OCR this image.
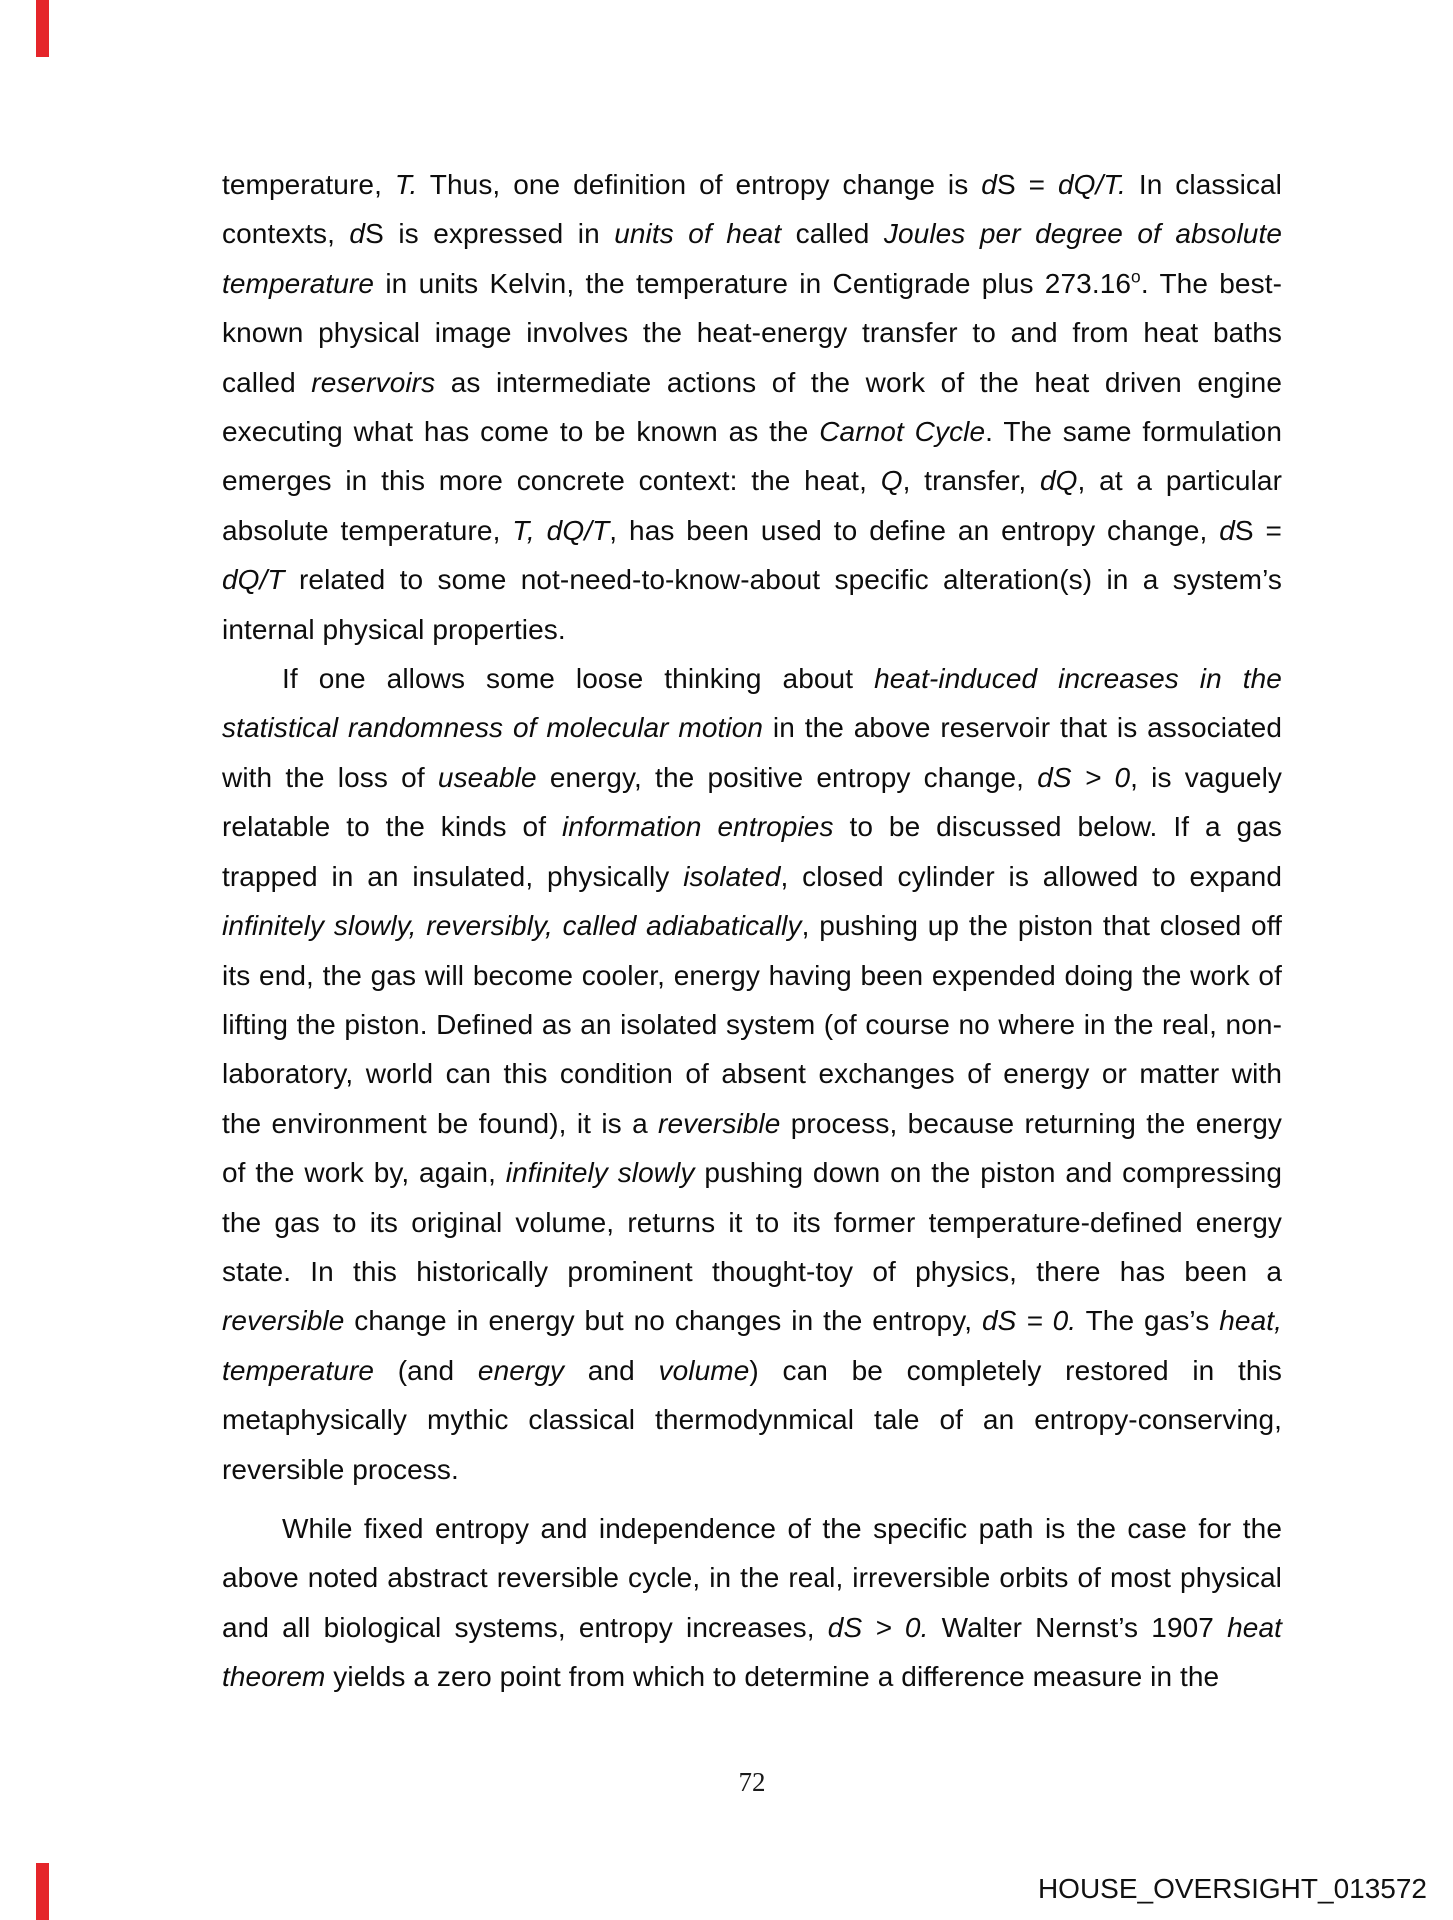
temperature, T. Thus, one definition of entropy change is dS = dQ/T. In classical
contexts, dS is expressed in units of heat called Joules per degree of absolute
temperature in units Kelvin, the temperature in Centigrade plus 273.16$^o$. The best-
known physical image involves the heat-energy transfer to and from heat baths
called reservoirs as intermediate actions of the work of the heat driven engine
executing what has come to be known as the Carnot Cycle. The same formulation
emerges in this more concrete context: the heat, Q, transfer, dQ, at a particular
absolute temperature, T, dQ/T, has been used to define an entropy change, dS =
dQ/T related to some not-need-to-know-about specific alteration(s) in a system’s
internal physical properties.
If one allows some loose thinking about heat-induced increases in the
statistical randomness of molecular motion in the above reservoir that is associated
with the loss of useable energy, the positive entropy change, dS > 0, is vaguely
relatable to the kinds of information entropies to be discussed below. If a gas
trapped in an insulated, physically isolated, closed cylinder is allowed to expand
infinitely slowly, reversibly, called adiabatically, pushing up the piston that closed off
its end, the gas will become cooler, energy having been expended doing the work of
lifting the piston. Defined as an isolated system (of course no where in the real, non-
laboratory, world can this condition of absent exchanges of energy or matter with
the environment be found), it is a reversible process, because returning the energy
of the work by, again, infinitely slowly pushing down on the piston and compressing
the gas to its original volume, returns it to its former temperature-defined energy
state. In this historically prominent thought-toy of physics, there has been a
reversible change in energy but no changes in the entropy, dS = 0. The gas’s heat,
temperature (and energy and volume) can be completely restored in this
metaphysically mythic classical thermodynmical tale of an entropy-conserving,
reversible process.
While fixed entropy and independence of the specific path is the case for the
above noted abstract reversible cycle, in the real, irreversible orbits of most physical
and all biological systems, entropy increases, dS > 0. Walter Nernst’s 1907 heat
theorem yields a zero point from which to determine a difference measure in the
72
HOUSE_OVERSIGHT_013572
